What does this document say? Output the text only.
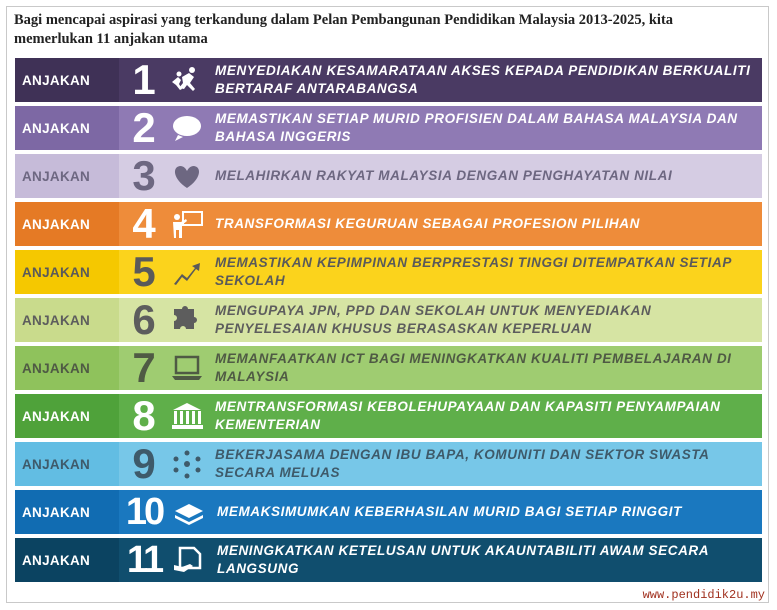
Bagi mencapai aspirasi yang terkandung dalam Pelan Pembangunan Pendidikan Malaysia 2013-2025, kita memerlukan 11 anjakan utama
ANJAKAN	1	MENYEDIAKAN KESAMARATAAN AKSES KEPADA PENDIDIKAN BERKUALITI BERTARAF ANTARABANGSA
ANJAKAN	2	MEMASTIKAN SETIAP MURID PROFISIEN DALAM BAHASA MALAYSIA DAN BAHASA INGGERIS
ANJAKAN	3	MELAHIRKAN RAKYAT MALAYSIA DENGAN PENGHAYATAN NILAI
ANJAKAN	4	TRANSFORMASI KEGURUAN SEBAGAI PROFESION PILIHAN
ANJAKAN	5	MEMASTIKAN KEPIMPINAN BERPRESTASI TINGGI DITEMPATKAN SETIAP SEKOLAH
ANJAKAN	6	MENGUPAYA JPN, PPD DAN SEKOLAH UNTUK MENYEDIAKAN PENYELESAIAN KHUSUS BERASASKAN KEPERLUAN
ANJAKAN	7	MEMANFAATKAN ICT BAGI MENINGKATKAN KUALITI PEMBELAJARAN DI MALAYSIA
ANJAKAN	8	MENTRANSFORMASI KEBOLEHUPAYAAN DAN KAPASITI PENYAMPAIAN KEMENTERIAN
ANJAKAN	9	BEKERJASAMA DENGAN IBU BAPA, KOMUNITI DAN SEKTOR SWASTA SECARA MELUAS
ANJAKAN 10	MEMAKSIMUMKAN KEBERHASILAN MURID BAGI SETIAP RINGGIT
ANJAKAN 11	MENINGKATKAN KETELUSAN UNTUK AKAUNTABILITI AWAM SECARA LANGSUNG
www.pendidik2u.my
